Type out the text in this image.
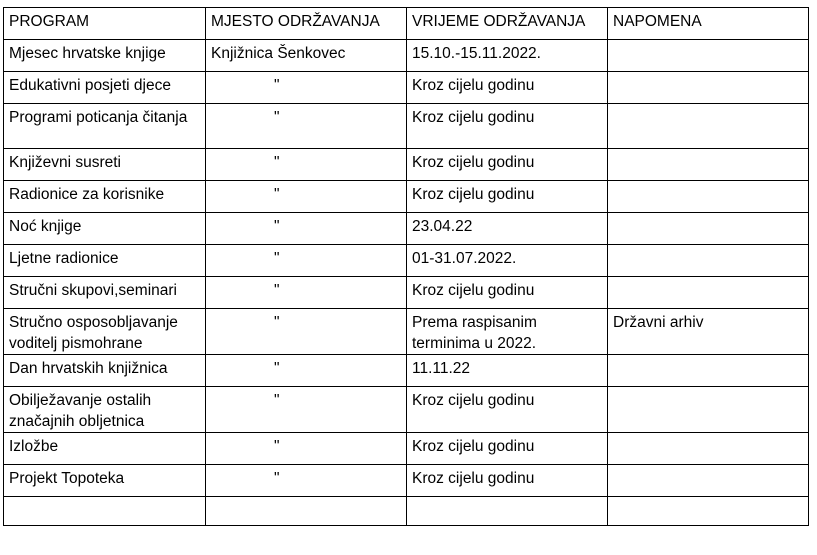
PROGRAM	MJESTO ODRŽAVANJA	VRIJEME ODRŽAVANJA	NAPOMENA
Mjesec hrvatske knjige	Knjižnica Šenkovec	15.10.-15.11.2022.	
Edukativni posjeti djece	"	Kroz cijelu godinu	
Programi poticanja čitanja	"	Kroz cijelu godinu	
Književni susreti	"	Kroz cijelu godinu	
Radionice za korisnike	"	Kroz cijelu godinu	
Noć knjige	"	23.04.22	
Ljetne radionice	"	01-31.07.2022.	
Stručni skupovi,seminari	"	Kroz cijelu godinu	
Stručno osposobljavanje voditelj pismohrane	"	Prema raspisanim terminima u 2022.	Državni arhiv
Dan hrvatskih knjižnica	"	11.11.22	
Obilježavanje ostalih značajnih obljetnica	"	Kroz cijelu godinu	
Izložbe	"	Kroz cijelu godinu	
Projekt Topoteka	"	Kroz cijelu godinu	
